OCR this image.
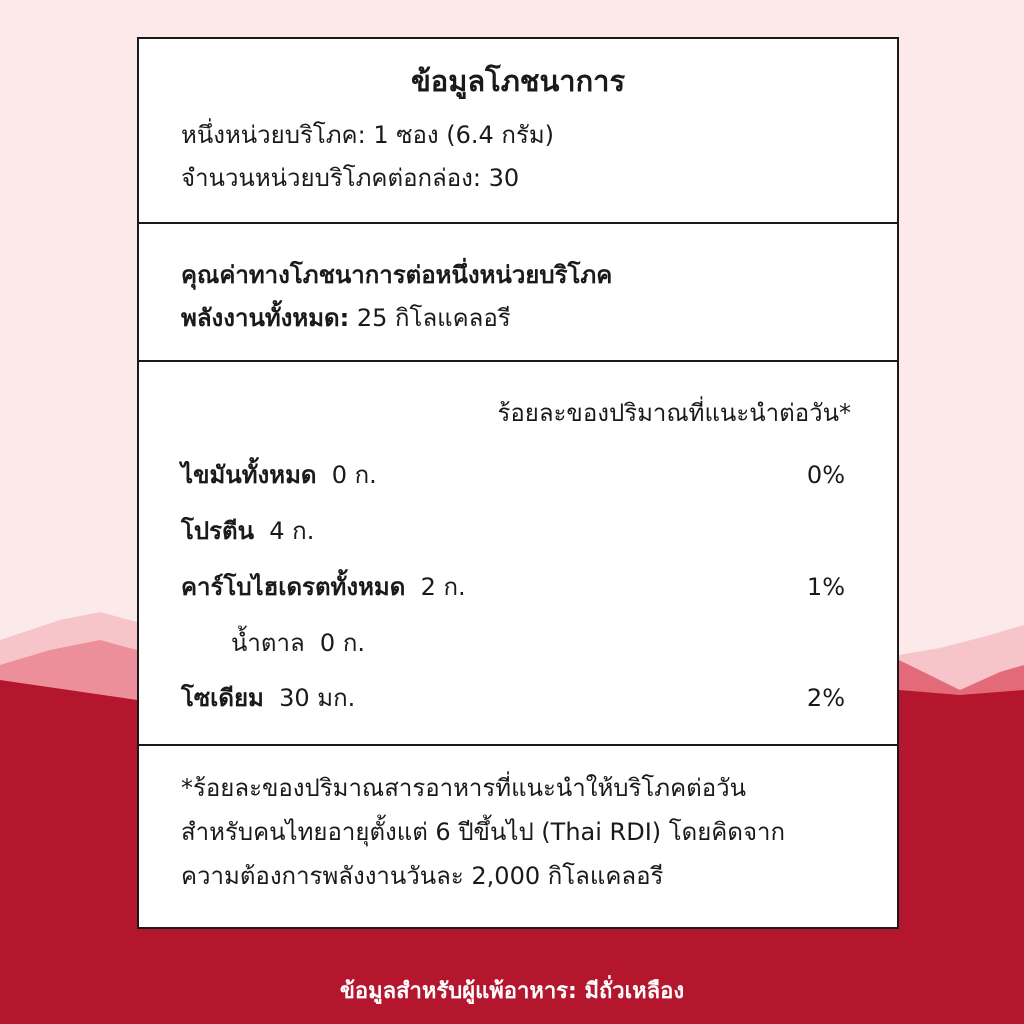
ข้อมูลโภชนาการ
หนึ่งหน่วยบริโภค: 1 ซอง (6.4 กรัม)
จำนวนหน่วยบริโภคต่อกล่อง: 30
คุณค่าทางโภชนาการต่อหนึ่งหน่วยบริโภค
พลังงานทั้งหมด: 25 กิโลแคลอรี
ร้อยละของปริมาณที่แนะนำต่อวัน*
ไขมันทั้งหมด 0 ก.	0%
โปรตีน 4 ก.
คาร์โบไฮเดรตทั้งหมด 2 ก.	1%
น้ำตาล 0 ก.
โซเดียม 30 มก.	2%
*ร้อยละของปริมาณสารอาหารที่แนะนำให้บริโภคต่อวัน
สำหรับคนไทยอายุตั้งแต่ 6 ปีขึ้นไป (Thai RDI) โดยคิดจาก
ความต้องการพลังงานวันละ 2,000 กิโลแคลอรี
ข้อมูลสำหรับผู้แพ้อาหาร: มีถั่วเหลือง
